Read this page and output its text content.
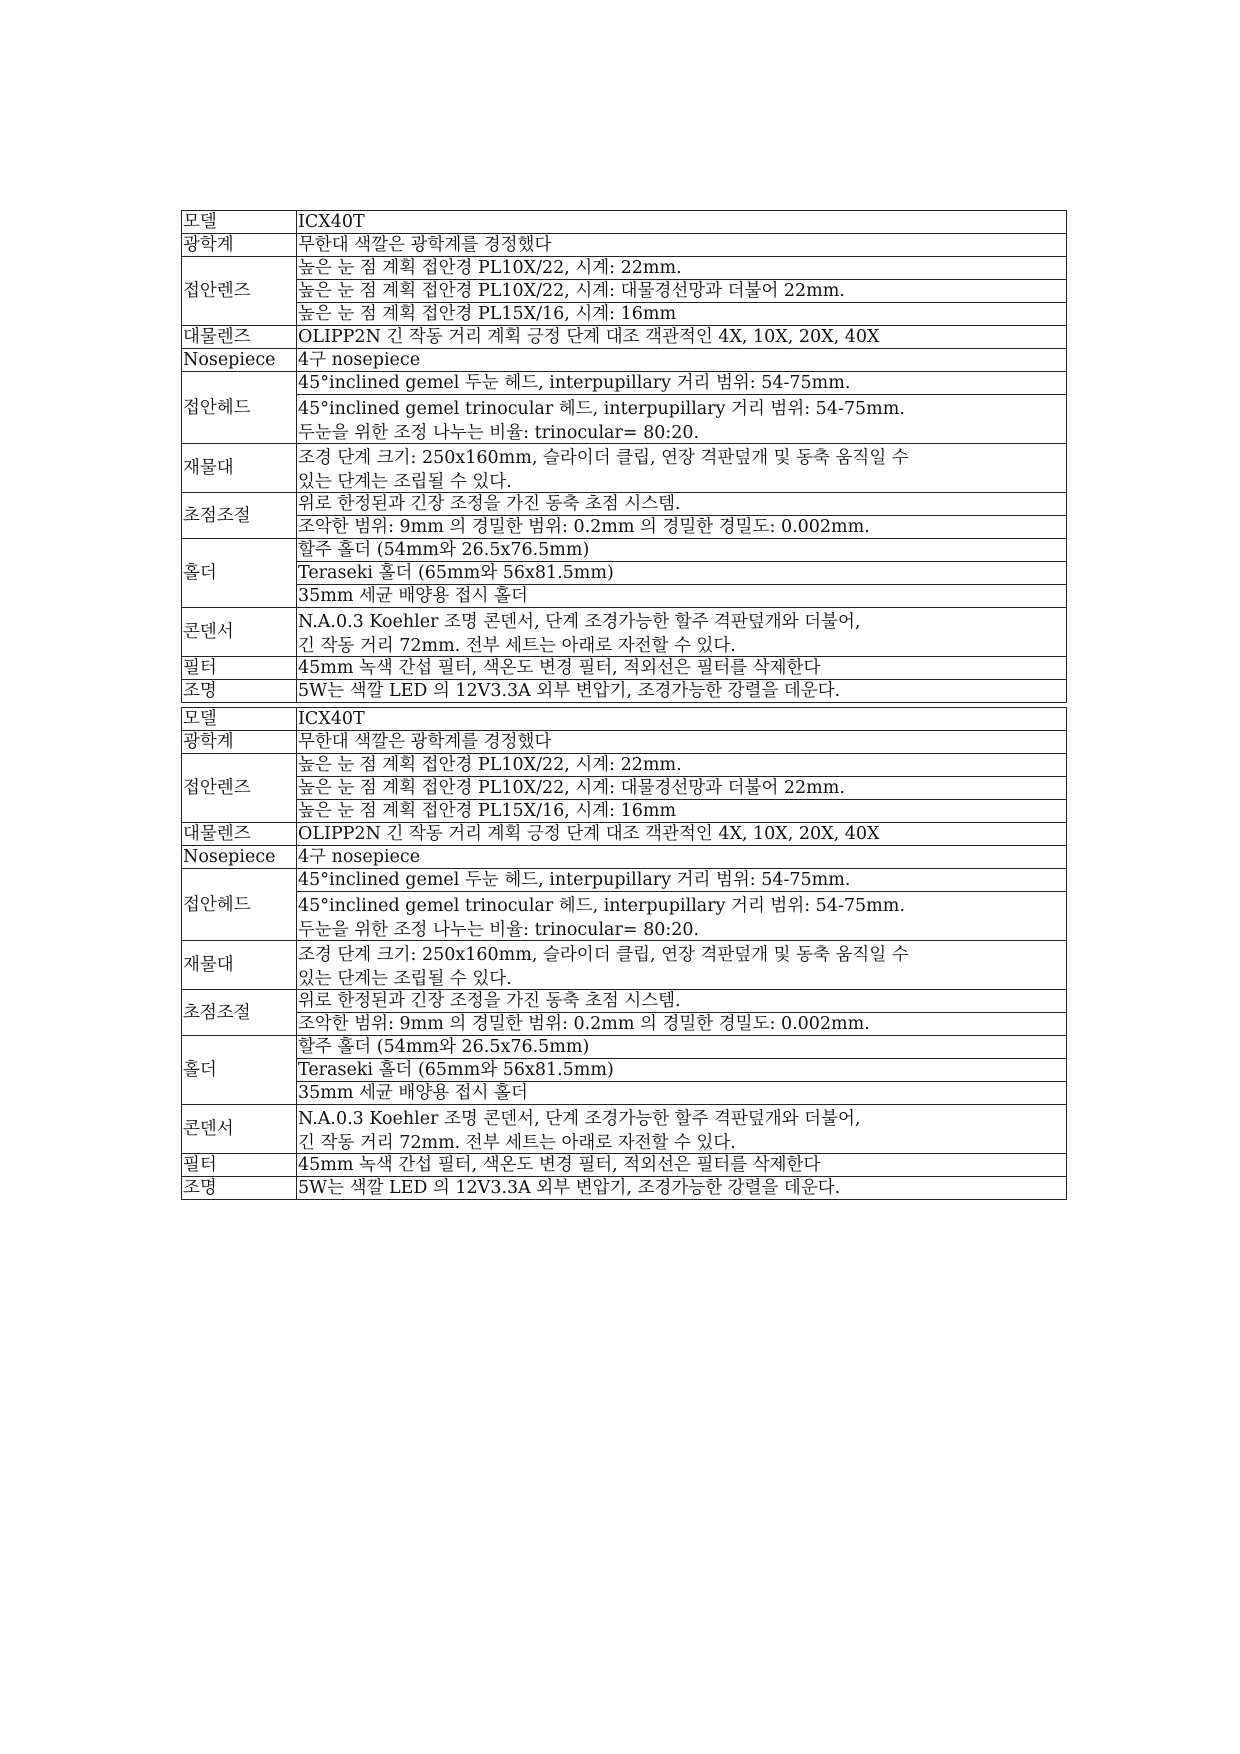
모델	ICX40T
광학계	무한대 색깔은 광학계를 경정했다
접안렌즈	높은 눈 점 계획 접안경 PL10X/22, 시계: 22mm.
	높은 눈 점 계획 접안경 PL10X/22, 시계: 대물경선망과 더불어 22mm.
	높은 눈 점 계획 접안경 PL15X/16, 시계: 16mm
대물렌즈	OLIPP2N 긴 작동 거리 계획 긍정 단계 대조 객관적인 4X, 10X, 20X, 40X
Nosepiece	4구 nosepiece
접안헤드	45°inclined gemel 두눈 헤드, interpupillary 거리 범위: 54-75mm.

	45°inclined gemel trinocular 헤드, interpupillary 거리 범위: 54-75mm.
두눈을 위한 조정 나누는 비율: trinocular= 80:20.

재물대	조경 단계 크기: 250x160mm, 슬라이더 클립, 연장 격판덮개 및 동축 움직일 수
있는 단계는 조립될 수 있다.

초점조절	위로 한정된과 긴장 조정을 가진 동축 초점 시스템.
	조악한 범위: 9mm 의 경밀한 범위: 0.2mm 의 경밀한 경밀도: 0.002mm.
홀더	할주 홀더 (54mm와 26.5x76.5mm)
	Teraseki 홀더 (65mm와 56x81.5mm)
	35mm 세균 배양용 접시 홀더
콘덴서	N.A.0.3 Koehler 조명 콘덴서, 단계 조경가능한 할주 격판덮개와 더불어,
긴 작동 거리 72mm. 전부 세트는 아래로 자전할 수 있다.

필터	45mm 녹색 간섭 필터, 색온도 변경 필터, 적외선은 필터를 삭제한다
조명	5W는 색깔 LED 의 12V3.3A 외부 변압기, 조경가능한 강렬을 데운다.
모델	ICX40T
광학계	무한대 색깔은 광학계를 경정했다
접안렌즈	높은 눈 점 계획 접안경 PL10X/22, 시계: 22mm.
	높은 눈 점 계획 접안경 PL10X/22, 시계: 대물경선망과 더불어 22mm.
	높은 눈 점 계획 접안경 PL15X/16, 시계: 16mm
대물렌즈	OLIPP2N 긴 작동 거리 계획 긍정 단계 대조 객관적인 4X, 10X, 20X, 40X
Nosepiece	4구 nosepiece
접안헤드	45°inclined gemel 두눈 헤드, interpupillary 거리 범위: 54-75mm.

	45°inclined gemel trinocular 헤드, interpupillary 거리 범위: 54-75mm.
두눈을 위한 조정 나누는 비율: trinocular= 80:20.

재물대	조경 단계 크기: 250x160mm, 슬라이더 클립, 연장 격판덮개 및 동축 움직일 수
있는 단계는 조립될 수 있다.

초점조절	위로 한정된과 긴장 조정을 가진 동축 초점 시스템.
	조악한 범위: 9mm 의 경밀한 범위: 0.2mm 의 경밀한 경밀도: 0.002mm.
홀더	할주 홀더 (54mm와 26.5x76.5mm)
	Teraseki 홀더 (65mm와 56x81.5mm)
	35mm 세균 배양용 접시 홀더
콘덴서	N.A.0.3 Koehler 조명 콘덴서, 단계 조경가능한 할주 격판덮개와 더불어,
긴 작동 거리 72mm. 전부 세트는 아래로 자전할 수 있다.

필터	45mm 녹색 간섭 필터, 색온도 변경 필터, 적외선은 필터를 삭제한다
조명	5W는 색깔 LED 의 12V3.3A 외부 변압기, 조경가능한 강렬을 데운다.
